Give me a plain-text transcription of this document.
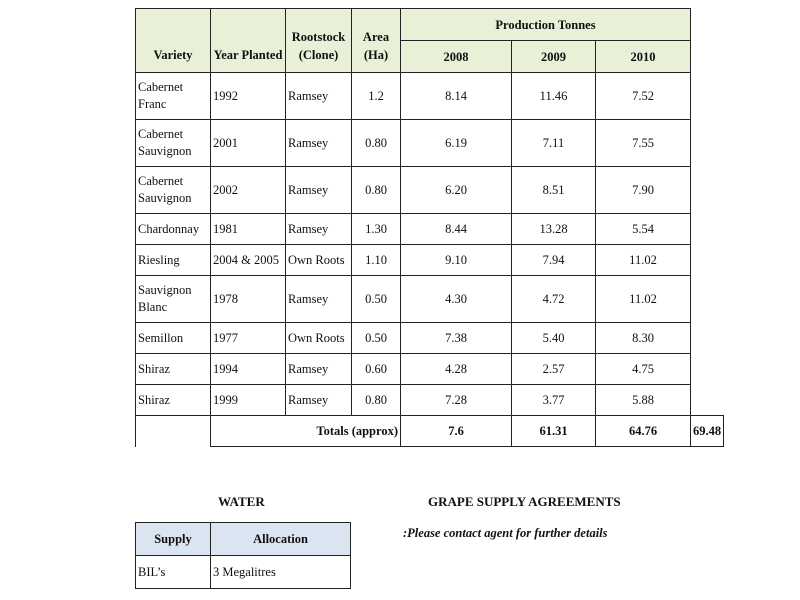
Variety	Year Planted	Rootstock (Clone)	Area (Ha)	Production Tonnes			
				2008	2009	2010	
Cabernet Franc	1992	Ramsey	1.2	8.14	11.46	7.52	
Cabernet Sauvignon	2001	Ramsey	0.80	6.19	7.11	7.55	
Cabernet Sauvignon	2002	Ramsey	0.80	6.20	8.51	7.90	
Chardonnay	1981	Ramsey	1.30	8.44	13.28	5.54	
Riesling	2004 & 2005	Own Roots	1.10	9.10	7.94	11.02	
Sauvignon Blanc	1978	Ramsey	0.50	4.30	4.72	11.02	
Semillon	1977	Own Roots	0.50	7.38	5.40	8.30	
Shiraz	1994	Ramsey	0.60	4.28	2.57	4.75	
Shiraz	1999	Ramsey	0.80	7.28	3.77	5.88	
	Totals (approx)			7.6	61.31	64.76	69.48
WATER	GRAPE SUPPLY AGREEMENTS
Supply	Allocation
BIL’s	3 Megalitres
:Please contact agent for further details
